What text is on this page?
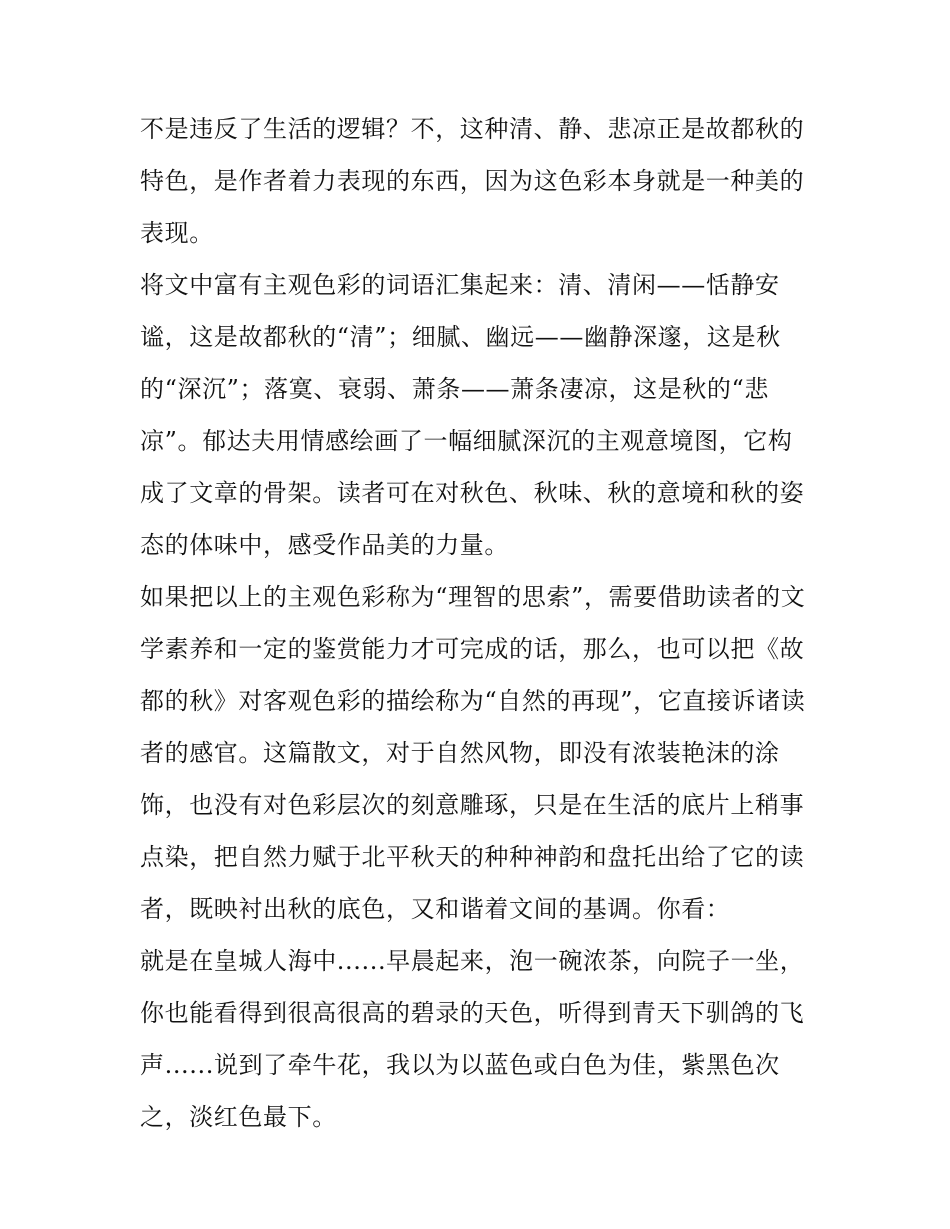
不是违反了生活的逻辑？不，这种清、静、悲凉正是故都秋的
特色，是作者着力表现的东西，因为这色彩本身就是一种美的
表现。
将文中富有主观色彩的词语汇集起来：清、清闲——恬静安
谧，这是故都秋的“清”；细腻、幽远——幽静深邃，这是秋
的“深沉”；落寞、衰弱、萧条——萧条凄凉，这是秋的“悲
凉”。郁达夫用情感绘画了一幅细腻深沉的主观意境图，它构
成了文章的骨架。读者可在对秋色、秋味、秋的意境和秋的姿
态的体味中，感受作品美的力量。
如果把以上的主观色彩称为“理智的思索”，需要借助读者的文
学素养和一定的鉴赏能力才可完成的话，那么，也可以把《故
都的秋》对客观色彩的描绘称为“自然的再现”，它直接诉诸读
者的感官。这篇散文，对于自然风物，即没有浓装艳沫的涂
饰，也没有对色彩层次的刻意雕琢，只是在生活的底片上稍事
点染，把自然力赋于北平秋天的种种神韵和盘托出给了它的读
者，既映衬出秋的底色，又和谐着文间的基调。你看：
就是在皇城人海中......早晨起来，泡一碗浓茶，向院子一坐，
你也能看得到很高很高的碧录的天色，听得到青天下驯鸽的飞
声......说到了牵牛花，我以为以蓝色或白色为佳，紫黑色次
之，淡红色最下。
